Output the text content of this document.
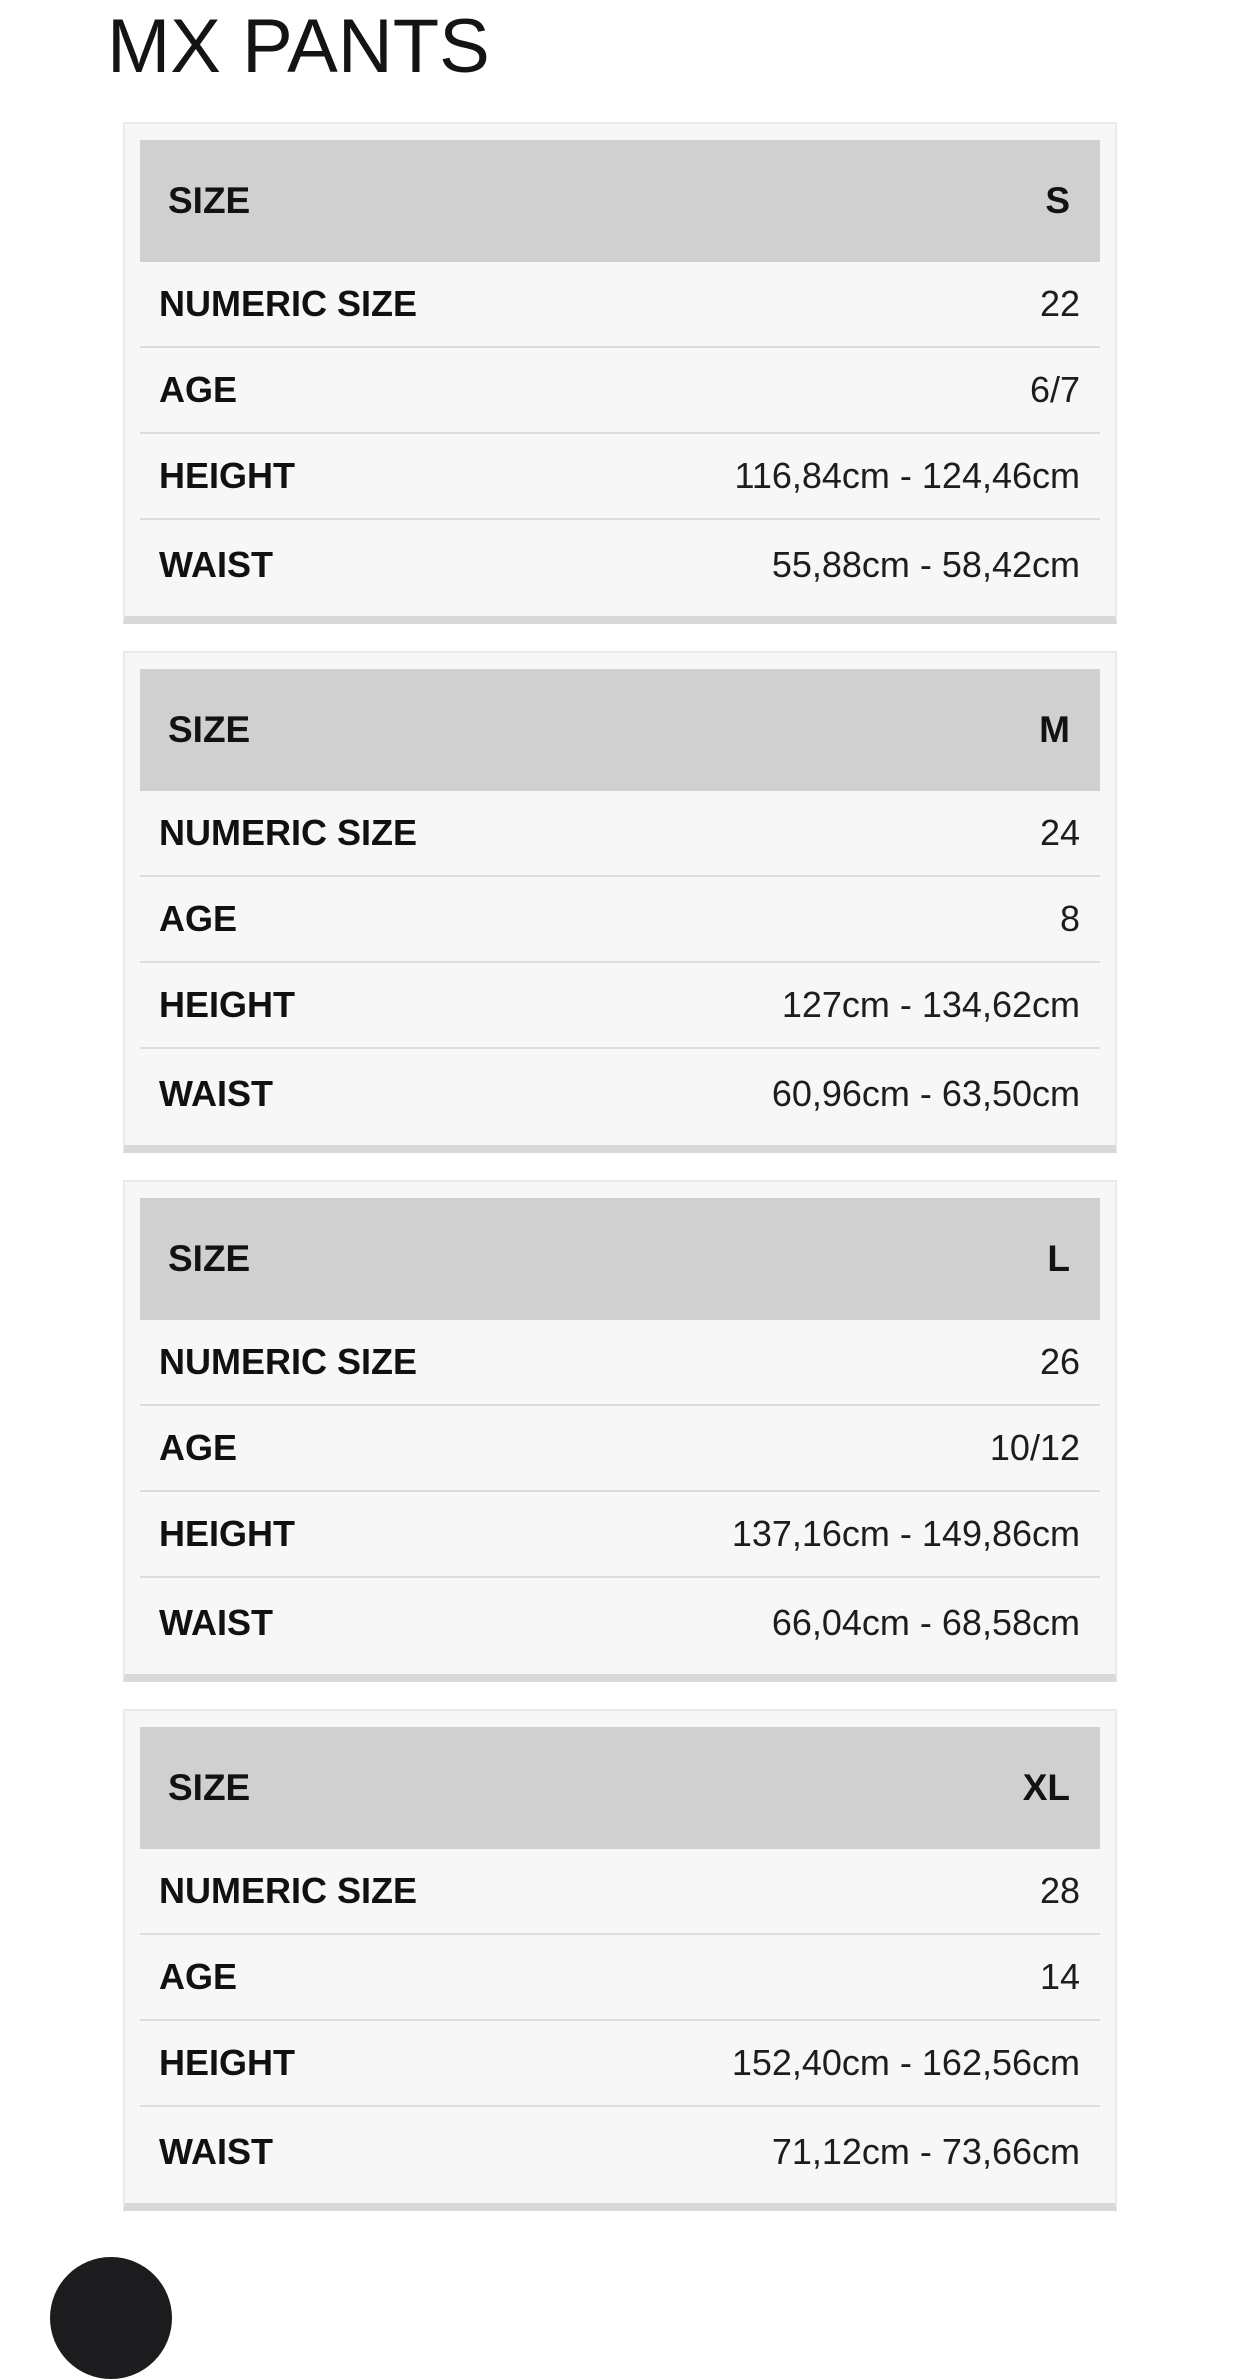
MX PANTS
SIZE	S
NUMERIC SIZE	22
AGE	6/7
HEIGHT	116,84cm - 124,46cm
WAIST	55,88cm - 58,42cm
SIZE	M
NUMERIC SIZE	24
AGE	8
HEIGHT	127cm - 134,62cm
WAIST	60,96cm - 63,50cm
SIZE	L
NUMERIC SIZE	26
AGE	10/12
HEIGHT	137,16cm - 149,86cm
WAIST	66,04cm - 68,58cm
SIZE	XL
NUMERIC SIZE	28
AGE	14
HEIGHT	152,40cm - 162,56cm
WAIST	71,12cm - 73,66cm
